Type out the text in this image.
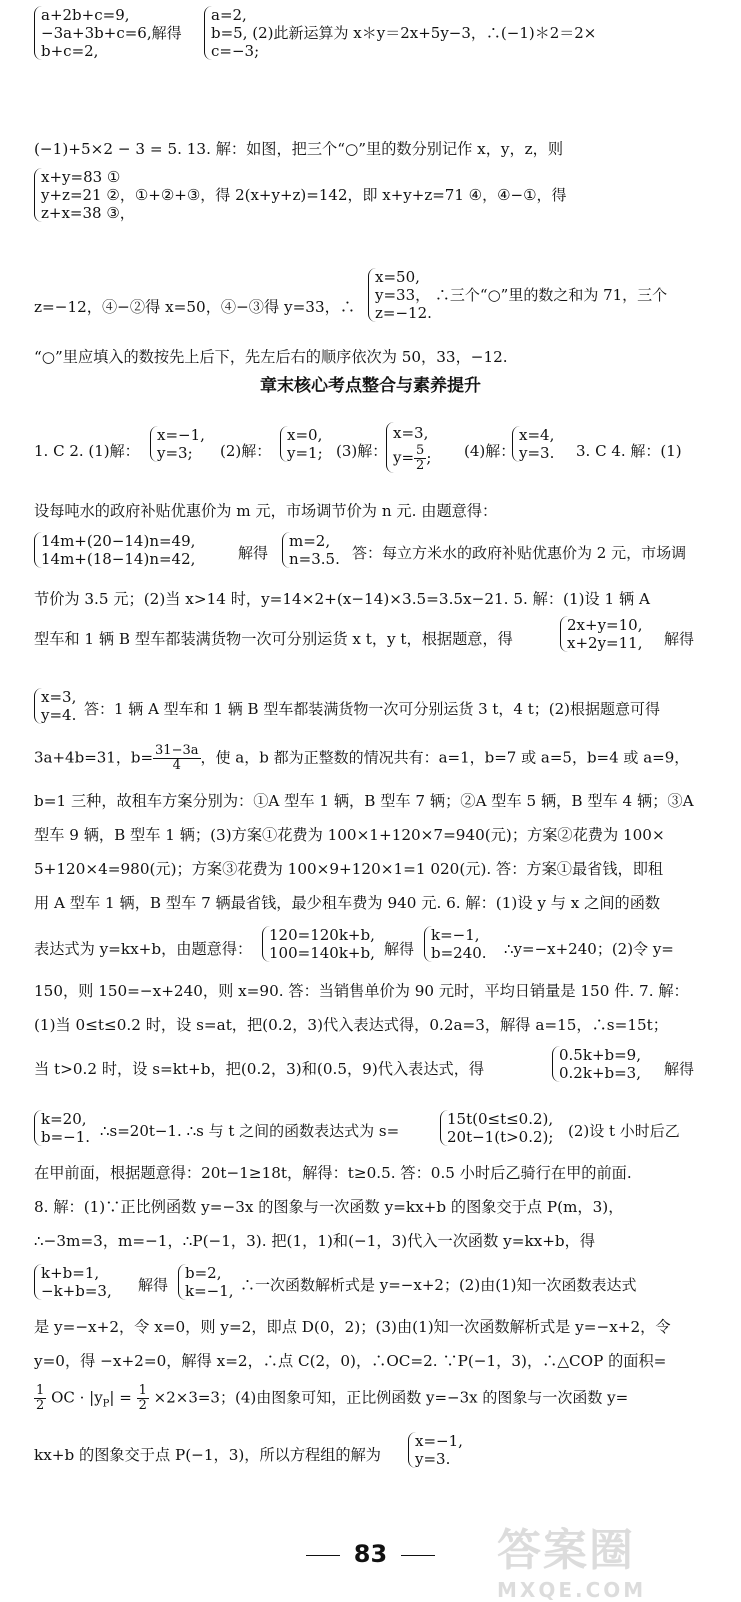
a+2b+c=9,
−3a+3b+c=6,解得
b+c=2,
a=2,
b=5, (2)此新运算为 x＊y＝2x+5y−3，∴(−1)＊2＝2×
c=−3;
(−1)+5×2 − 3 = 5. 13. 解：如图，把三个“○”里的数分别记作 x，y，z，则
x+y=83 ①
y+z=21 ②，①+②+③，得 2(x+y+z)=142，即 x+y+z=71 ④，④−①，得
z+x=38 ③，
z=−12，④−②得 x=50，④−③得 y=33，∴
x=50,
y=33， ∴三个“○”里的数之和为 71，三个
z=−12.
“○”里应填入的数按先上后下，先左后右的顺序依次为 50，33，−12.
章末核心考点整合与素养提升
1. C 2. (1)解：
x=−1,
y=3;	(2)解：
x=0,
y=1; (3)解：
x=3,
$y= \frac{5}{2}$ ; (4)解：
x=4,
y=3. 3. C 4. 解：(1)
设每吨水的政府补贴优惠价为 m 元，市场调节价为 n 元. 由题意得：
14m+(20−14)n=49,
14m+(18−14)n=42,	解得
m=2,
n=3.5. 答：每立方米水的政府补贴优惠价为 2 元，市场调
节价为 3.5 元；(2)当 x>14 时，y=14×2+(x−14)×3.5=3.5x−21. 5. 解：(1)设 1 辆 A
型车和 1 辆 B 型车都装满货物一次可分别运货 x t，y t，根据题意，得
2x+y=10,
x+2y=11, 解得
x=3,
y=4. 答：1 辆 A 型车和 1 辆 B 型车都装满货物一次可分别运货 3 t，4 t；(2)根据题意可得
3a+4b=31，$b= \frac{31-3a}{4}$ ，使 a，b 都为正整数的情况共有：a=1，b=7 或 a=5，b=4 或 a=9，
b=1 三种，故租车方案分别为：①A 型车 1 辆，B 型车 7 辆；②A 型车 5 辆，B 型车 4 辆；③A
型车 9 辆，B 型车 1 辆；(3)方案①花费为 100×1+120×7=940(元)；方案②花费为 100×
5+120×4=980(元)；方案③花费为 100×9+120×1=1 020(元). 答：方案①最省钱，即租
用 A 型车 1 辆，B 型车 7 辆最省钱，最少租车费为 940 元. 6. 解：(1)设 y 与 x 之间的函数
表达式为 y=kx+b，由题意得：
120=120k+b,
100=140k+b, 解得
k=−1,
b=240. ∴y=−x+240；(2)令 y=
150，则 150=−x+240，则 x=90. 答：当销售单价为 90 元时，平均日销量是 150 件. 7. 解：
(1)当 0≤t≤0.2 时，设 s=at，把(0.2，3)代入表达式得，0.2a=3，解得 a=15，∴s=15t；
当 t>0.2 时，设 s=kt+b，把(0.2，3)和(0.5，9)代入表达式，得
0.5k+b=9,
0.2k+b=3, 解得
k=20,
b=−1. ∴s=20t−1. ∴s 与 t 之间的函数表达式为 s=
15t(0≤t≤0.2),
20t−1(t>0.2); (2)设 t 小时后乙
在甲前面，根据题意得：20t−1≥18t，解得：t≥0.5. 答：0.5 小时后乙骑行在甲的前面.
8. 解：(1)∵正比例函数 y=−3x 的图象与一次函数 y=kx+b 的图象交于点 P(m，3)，
∴−3m=3，m=−1，∴P(−1，3). 把(1，1)和(−1，3)代入一次函数 y=kx+b，得
k+b=1,
−k+b=3, 解得
b=2,
k=−1, ∴一次函数解析式是 y=−x+2；(2)由(1)知一次函数表达式
是 y=−x+2，令 x=0，则 y=2，即点 D(0，2)；(3)由(1)知一次函数解析式是 y=−x+2，令
y=0，得 −x+2=0，解得 x=2，∴点 C(2，0)，∴OC=2. ∵P(−1，3)，∴△COP 的面积=
$\frac{1}{2}$ OC · $|y_P| = \frac{1}{2} \times 2\times 3=3$；(4)由图象可知，正比例函数 y=−3x 的图象与一次函数 y=
kx+b 的图象交于点 P(−1，3)，所以方程组的解为
x=−1,
y=3.
83	答案圈
MXQE.COM
